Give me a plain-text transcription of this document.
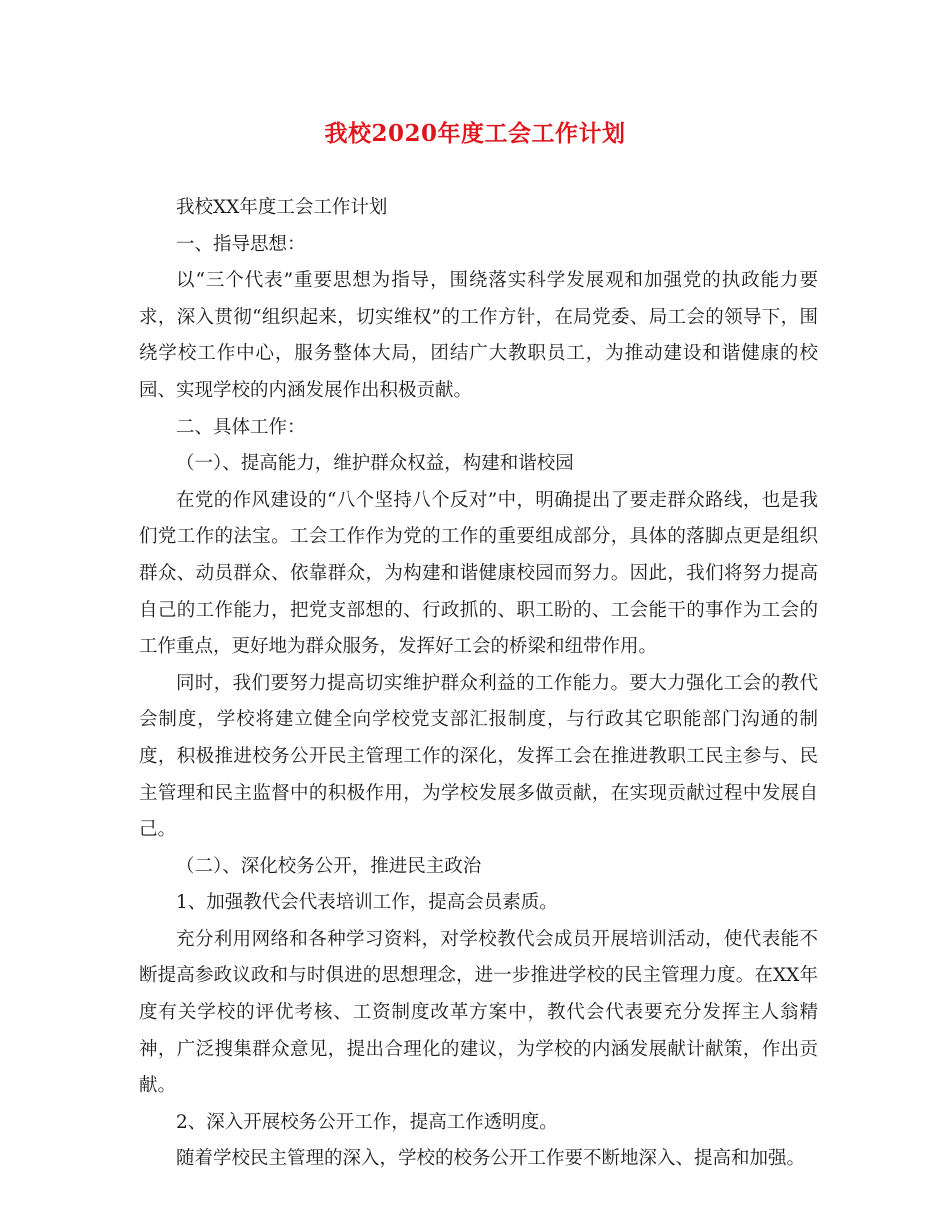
我校2020年度工会工作计划

我校XX年度工会工作计划

一、指导思想：

以“三个代表”重要思想为指导，围绕落实科学发展观和加强党的执政能力要求，深入贯彻“组织起来，切实维权”的工作方针，在局党委、局工会的领导下，围绕学校工作中心，服务整体大局，团结广大教职员工，为推动建设和谐健康的校园、实现学校的内涵发展作出积极贡献。

二、具体工作：

（一）、提高能力，维护群众权益，构建和谐校园

在党的作风建设的“八个坚持八个反对”中，明确提出了要走群众路线，也是我们党工作的法宝。工会工作作为党的工作的重要组成部分，具体的落脚点更是组织群众、动员群众、依靠群众，为构建和谐健康校园而努力。因此，我们将努力提高自己的工作能力，把党支部想的、行政抓的、职工盼的、工会能干的事作为工会的工作重点，更好地为群众服务，发挥好工会的桥梁和纽带作用。

同时，我们要努力提高切实维护群众利益的工作能力。要大力强化工会的教代会制度，学校将建立健全向学校党支部汇报制度，与行政其它职能部门沟通的制度，积极推进校务公开民主管理工作的深化，发挥工会在推进教职工民主参与、民主管理和民主监督中的积极作用，为学校发展多做贡献，在实现贡献过程中发展自己。

（二）、深化校务公开，推进民主政治

1、加强教代会代表培训工作，提高会员素质。

充分利用网络和各种学习资料，对学校教代会成员开展培训活动，使代表能不断提高参政议政和与时俱进的思想理念，进一步推进学校的民主管理力度。在XX年度有关学校的评优考核、工资制度改革方案中，教代会代表要充分发挥主人翁精神，广泛搜集群众意见，提出合理化的建议，为学校的内涵发展献计献策，作出贡献。

2、深入开展校务公开工作，提高工作透明度。

随着学校民主管理的深入，学校的校务公开工作要不断地深入、提高和加强。
